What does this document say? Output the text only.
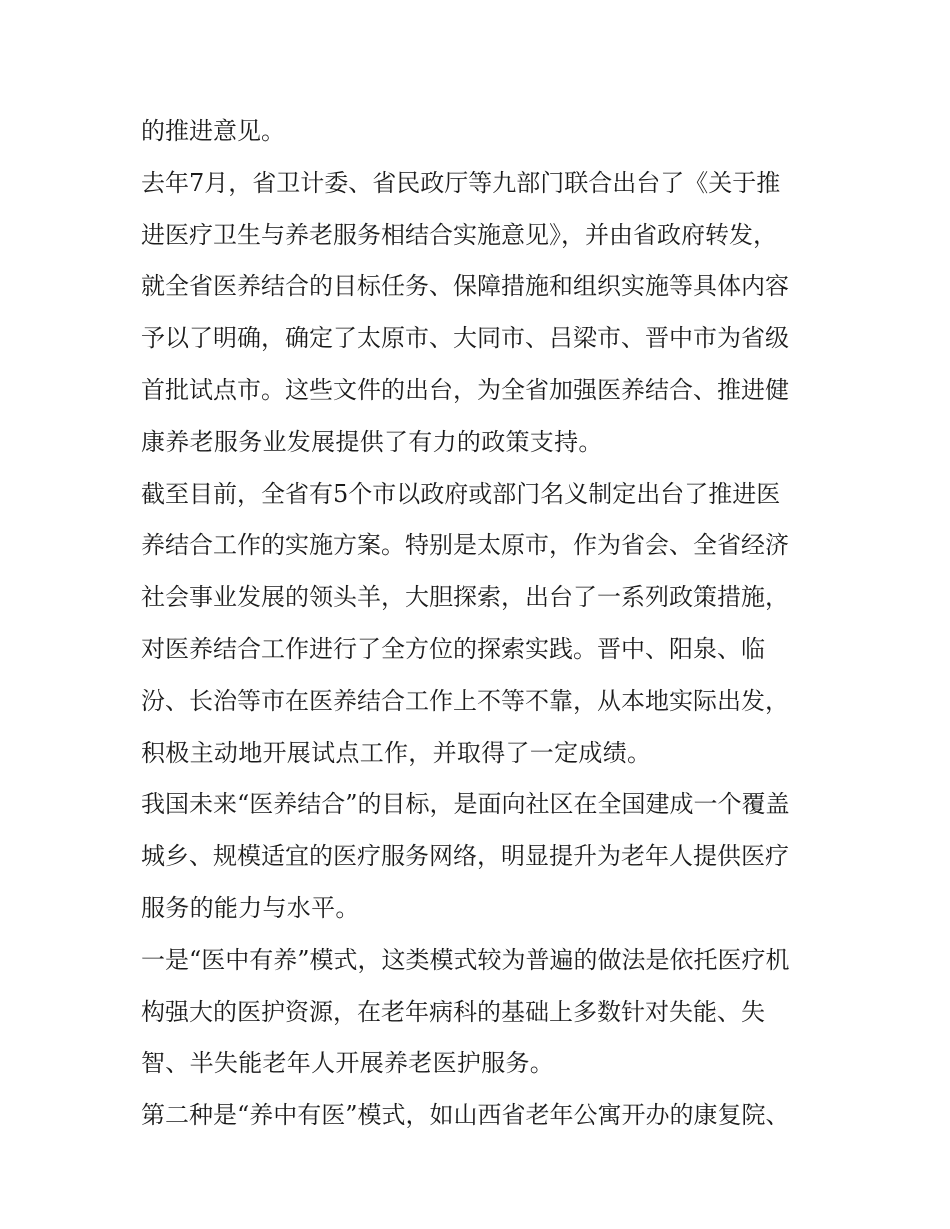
的推进意见。
去年7月，省卫计委、省民政厅等九部门联合出台了《关于推
进医疗卫生与养老服务相结合实施意见》，并由省政府转发，
就全省医养结合的目标任务、保障措施和组织实施等具体内容
予以了明确，确定了太原市、大同市、吕梁市、晋中市为省级
首批试点市。这些文件的出台，为全省加强医养结合、推进健
康养老服务业发展提供了有力的政策支持。
截至目前，全省有5个市以政府或部门名义制定出台了推进医
养结合工作的实施方案。特别是太原市，作为省会、全省经济
社会事业发展的领头羊，大胆探索，出台了一系列政策措施，
对医养结合工作进行了全方位的探索实践。晋中、阳泉、临
汾、长治等市在医养结合工作上不等不靠，从本地实际出发，
积极主动地开展试点工作，并取得了一定成绩。
我国未来“医养结合”的目标，是面向社区在全国建成一个覆盖
城乡、规模适宜的医疗服务网络，明显提升为老年人提供医疗
服务的能力与水平。
一是“医中有养”模式，这类模式较为普遍的做法是依托医疗机
构强大的医护资源，在老年病科的基础上多数针对失能、失
智、半失能老年人开展养老医护服务。
第二种是“养中有医”模式，如山西省老年公寓开办的康复院、
